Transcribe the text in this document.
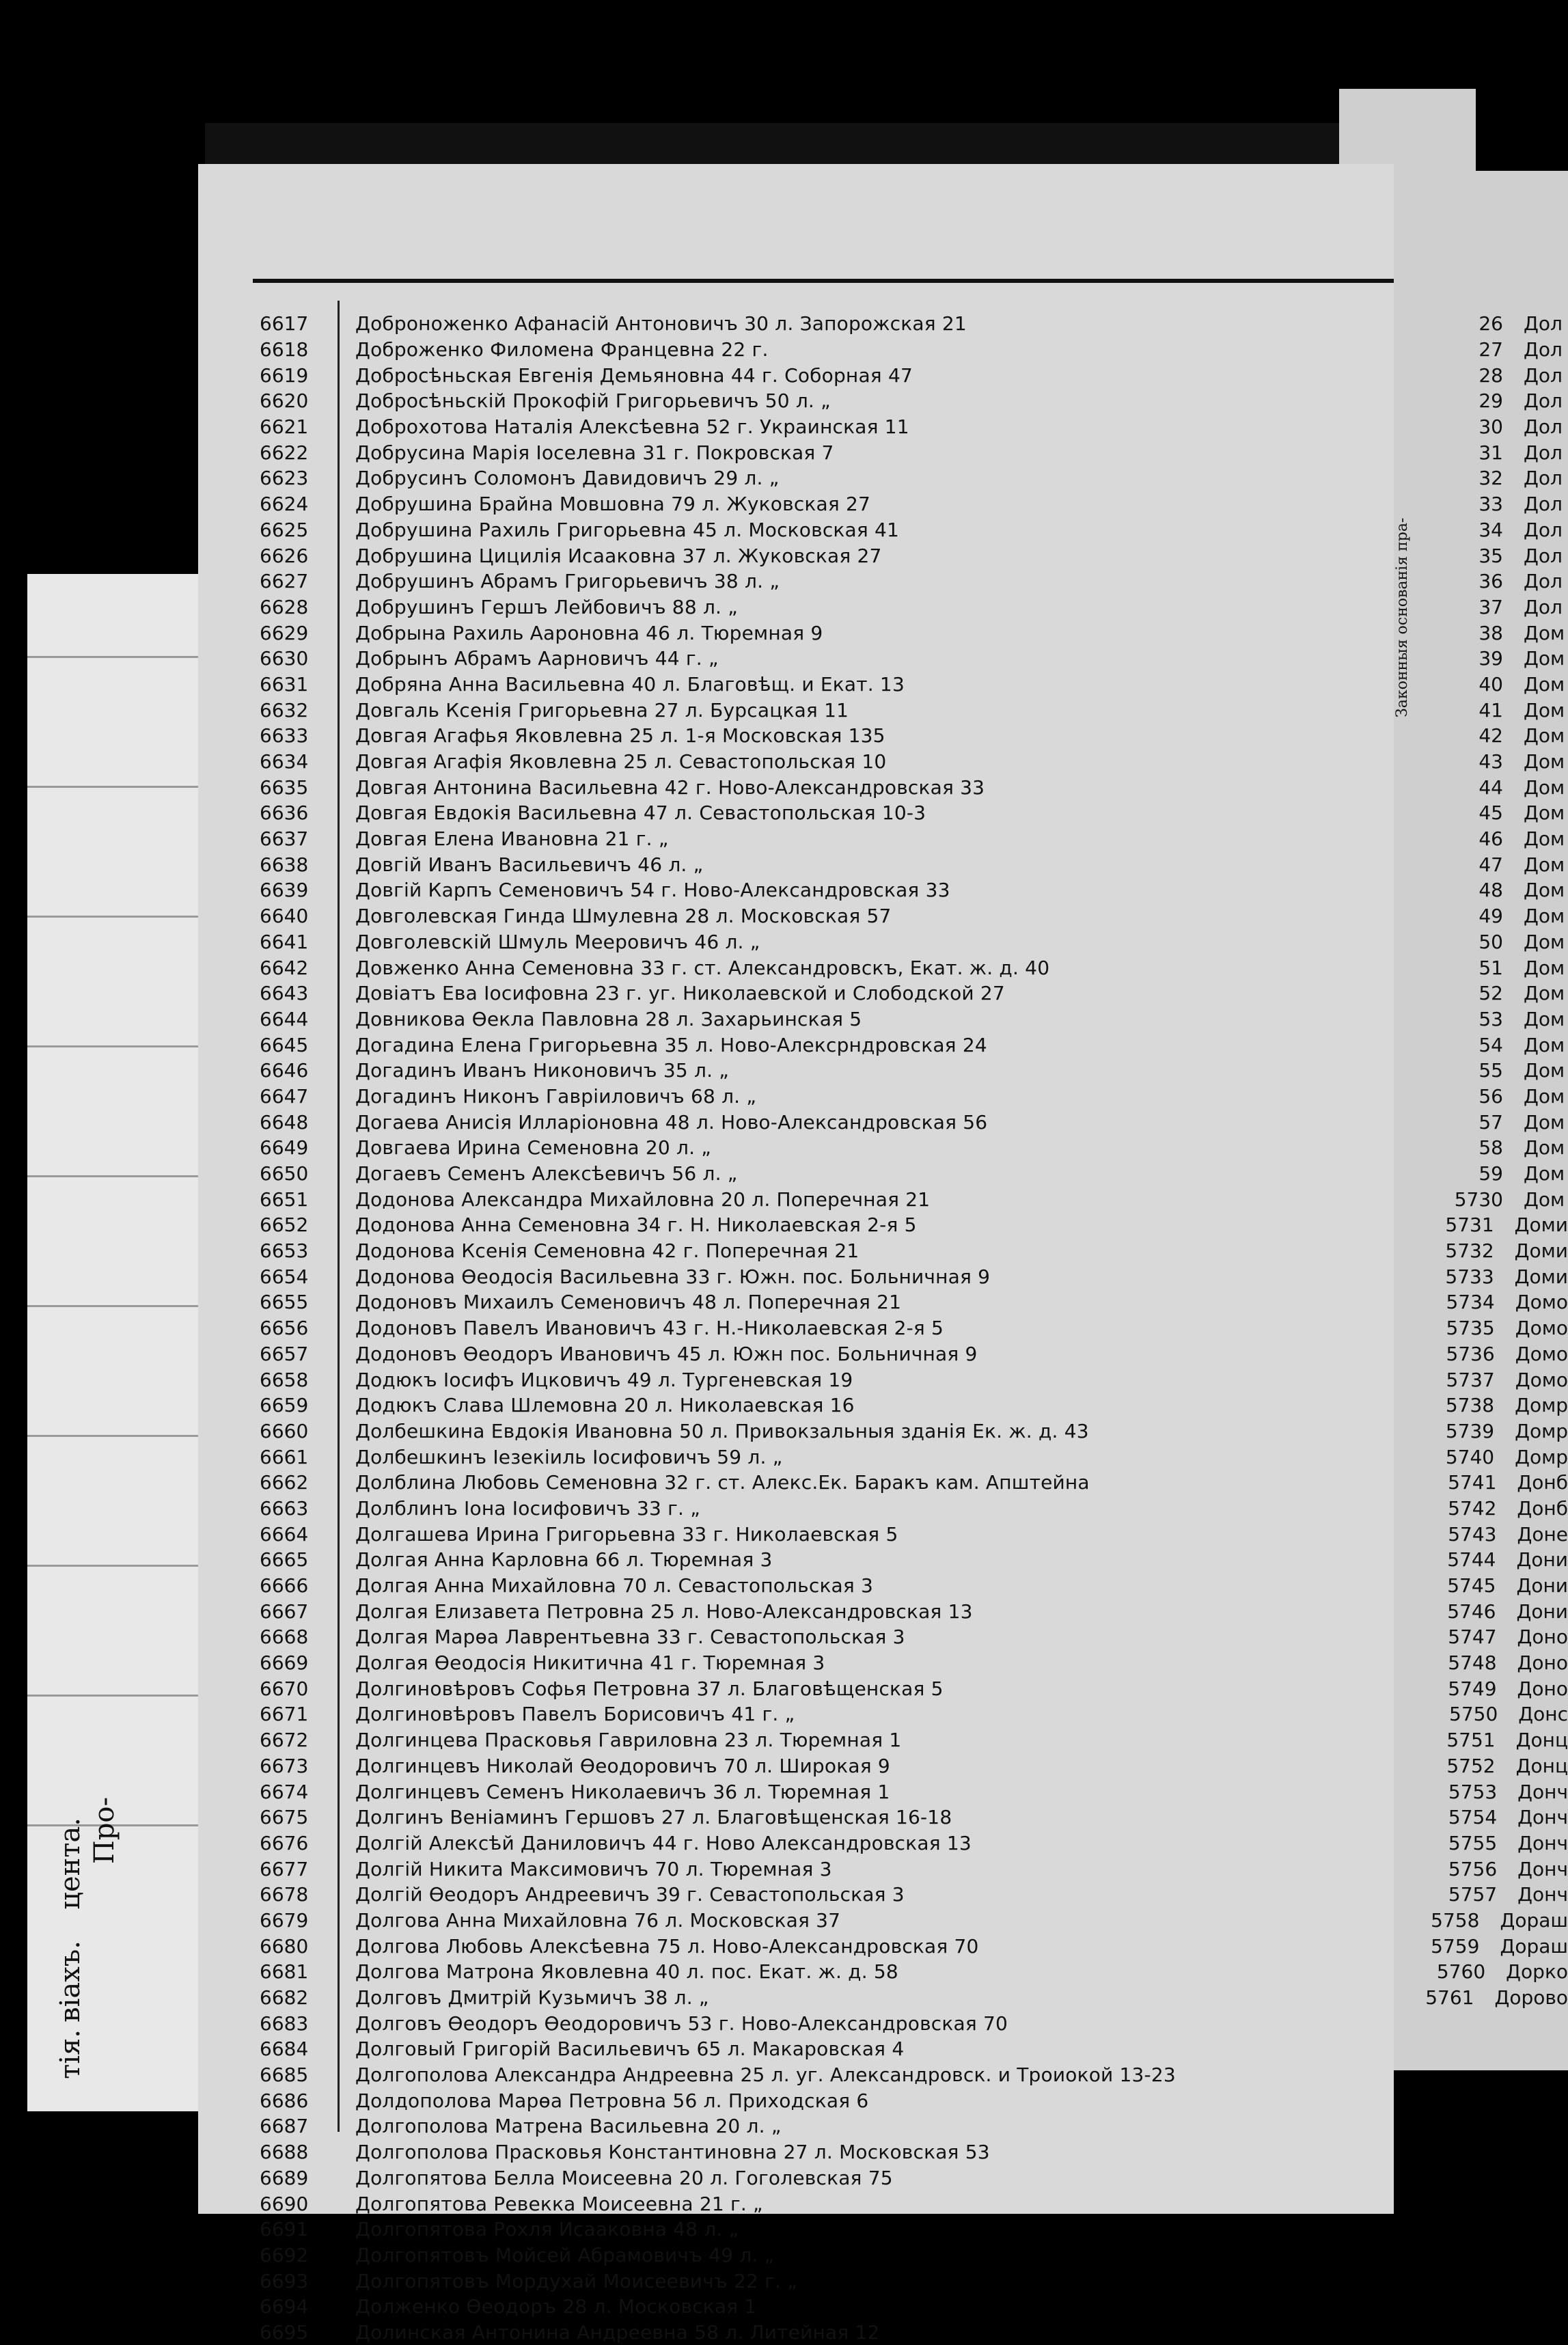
Про-
цента.
вiахъ.
тiя.
6617	Доброноженко Афанасій Антоновичъ 30 л. Запорожская 21
6618	Доброженко Филомена Францевна 22 г.
6619	Добросѣньская Евгенія Демьяновна 44 г. Соборная 47
6620	Добросѣньскій Прокофій Григорьевичъ 50 л. „
6621	Доброхотова Наталія Алексѣевна 52 г. Украинская 11
6622	Добрусина Марія Іоселевна 31 г. Покровская 7
6623	Добрусинъ Соломонъ Давидовичъ 29 л. „
6624	Добрушина Брайна Мовшовна 79 л. Жуковская 27
6625	Добрушина Рахиль Григорьевна 45 л. Московская 41
6626	Добрушина Цицилія Исааковна 37 л. Жуковская 27
6627	Добрушинъ Абрамъ Григорьевичъ 38 л. „
6628	Добрушинъ Гершъ Лейбовичъ 88 л. „
6629	Добрына Рахиль Аароновна 46 л. Тюремная 9
6630	Добрынъ Абрамъ Аарновичъ 44 г. „
6631	Добряна Анна Васильевна 40 л. Благовѣщ. и Екат. 13
6632	Довгаль Ксенія Григорьевна 27 л. Бурсацкая 11
6633	Довгая Агафья Яковлевна 25 л. 1-я Московская 135
6634	Довгая Агафія Яковлевна 25 л. Севастопольская 10
6635	Довгая Антонина Васильевна 42 г. Ново-Александровская 33
6636	Довгая Евдокія Васильевна 47 л. Севастопольская 10-3
6637	Довгая Елена Ивановна 21 г. „
6638	Довгій Иванъ Васильевичъ 46 л. „
6639	Довгій Карпъ Семеновичъ 54 г. Ново-Александровская 33
6640	Довголевская Гинда Шмулевна 28 л. Московская 57
6641	Довголевскій Шмуль Мееровичъ 46 л. „
6642	Довженко Анна Семеновна 33 г. ст. Александровскъ, Екат. ж. д. 40
6643	Довіатъ Ева Іосифовна 23 г. уг. Николаевской и Слободской 27
6644	Довникова Өекла Павловна 28 л. Захарьинская 5
6645	Догадина Елена Григорьевна 35 л. Ново-Алексрндровская 24
6646	Догадинъ Иванъ Никоновичъ 35 л. „
6647	Догадинъ Никонъ Гавріиловичъ 68 л. „
6648	Догаева Анисія Илларіоновна 48 л. Ново-Александровская 56
6649	Довгаева Ирина Семеновна 20 л. „
6650	Догаевъ Семенъ Алексѣевичъ 56 л. „
6651	Додонова Александра Михайловна 20 л. Поперечная 21
6652	Додонова Анна Семеновна 34 г. Н. Николаевская 2-я 5
6653	Додонова Ксенія Семеновна 42 г. Поперечная 21
6654	Додонова Өеодосія Васильевна 33 г. Южн. пос. Больничная 9
6655	Додоновъ Михаилъ Семеновичъ 48 л. Поперечная 21
6656	Додоновъ Павелъ Ивановичъ 43 г. Н.-Николаевская 2-я 5
6657	Додоновъ Өеодоръ Ивановичъ 45 л. Южн пос. Больничная 9
6658	Додюкъ Іосифъ Ицковичъ 49 л. Тургеневская 19
6659	Додюкъ Слава Шлемовна 20 л. Николаевская 16
6660	Долбешкина Евдокія Ивановна 50 л. Привокзальныя зданія Ек. ж. д. 43
6661	Долбешкинъ Іезекіиль Іосифовичъ 59 л. „
6662	Долблина Любовь Семеновна 32 г. ст. Алекс.Ек. Баракъ кам. Апштейна
6663	Долблинъ Іона Іосифовичъ 33 г. „
6664	Долгашева Ирина Григорьевна 33 г. Николаевская 5
6665	Долгая Анна Карловна 66 л. Тюремная 3
6666	Долгая Анна Михайловна 70 л. Севастопольская 3
6667	Долгая Елизавета Петровна 25 л. Ново-Александровская 13
6668	Долгая Марөа Лаврентьевна 33 г. Севастопольская 3
6669	Долгая Өеодосія Никитична 41 г. Тюремная 3
6670	Долгиновѣровъ Софья Петровна 37 л. Благовѣщенская 5
6671	Долгиновѣровъ Павелъ Борисовичъ 41 г. „
6672	Долгинцева Прасковья Гавриловна 23 л. Тюремная 1
6673	Долгинцевъ Николай Өеодоровичъ 70 л. Широкая 9
6674	Долгинцевъ Семенъ Николаевичъ 36 л. Тюремная 1
6675	Долгинъ Веніаминъ Гершовъ 27 л. Благовѣщенская 16-18
6676	Долгій Алексѣй Даниловичъ 44 г. Ново Александровская 13
6677	Долгій Никита Максимовичъ 70 л. Тюремная 3
6678	Долгій Өеодоръ Андреевичъ 39 г. Севастопольская 3
6679	Долгова Анна Михайловна 76 л. Московская 37
6680	Долгова Любовь Алексѣевна 75 л. Ново-Александровская 70
6681	Долгова Матрона Яковлевна 40 л. пос. Екат. ж. д. 58
6682	Долговъ Дмитрій Кузьмичъ 38 л. „
6683	Долговъ Өеодоръ Өеодоровичъ 53 г. Ново-Александровская 70
6684	Долговый Григорій Васильевичъ 65 л. Макаровская 4
6685	Долгополова Александра Андреевна 25 л. уг. Александровск. и Троиокой 13-23
6686	Долдополова Марөа Петровна 56 л. Приходская 6
6687	Долгополова Матрена Васильевна 20 л. „
6688	Долгополова Прасковья Константиновна 27 л. Московская 53
6689	Долгопятова Белла Моисеевна 20 л. Гоголевская 75
6690	Долгопятова Ревекка Моисеевна 21 г. „
6691	Долгопятова Рохля Исааковна 48 л. „
6692	Долгопятовъ Мойсей Абрамовичъ 49 л. „
6693	Долгопятовъ Мордухай Моисеевичъ 22 г. „
6694	Долженко Өеодоръ 28 л. Московская 1
6695	Долинская Антонина Андреевна 58 л. Литейная 12
Законныя основанія пра-
26	Дол
27	Дол
28	Дол
29	Дол
30	Дол
31	Дол
32	Дол
33	Дол
34	Дол
35	Дол
36	Дол
37	Дол
38	Дом
39	Дом
40	Дом
41	Дом
42	Дом
43	Дом
44	Дом
45	Дом
46	Дом
47	Дом
48	Дом
49	Дом
50	Дом
51	Дом
52	Дом
53	Дом
54	Дом
55	Дом
56	Дом
57	Дом
58	Дом
59	Дом
5730	Дом
5731	Доми
5732	Доми
5733	Доми
5734	Домо
5735	Домо
5736	Домо
5737	Домо
5738	Домр
5739	Домр
5740	Домр
5741	Донб
5742	Донб
5743	Доне
5744	Дони
5745	Дони
5746	Дони
5747	Доно
5748	Доно
5749	Доно
5750	Донс
5751	Донц
5752	Донц
5753	Донч
5754	Донч
5755	Донч
5756	Донч
5757	Донч
5758	Дораш
5759	Дораш
5760	Дорко
5761	Дорово
